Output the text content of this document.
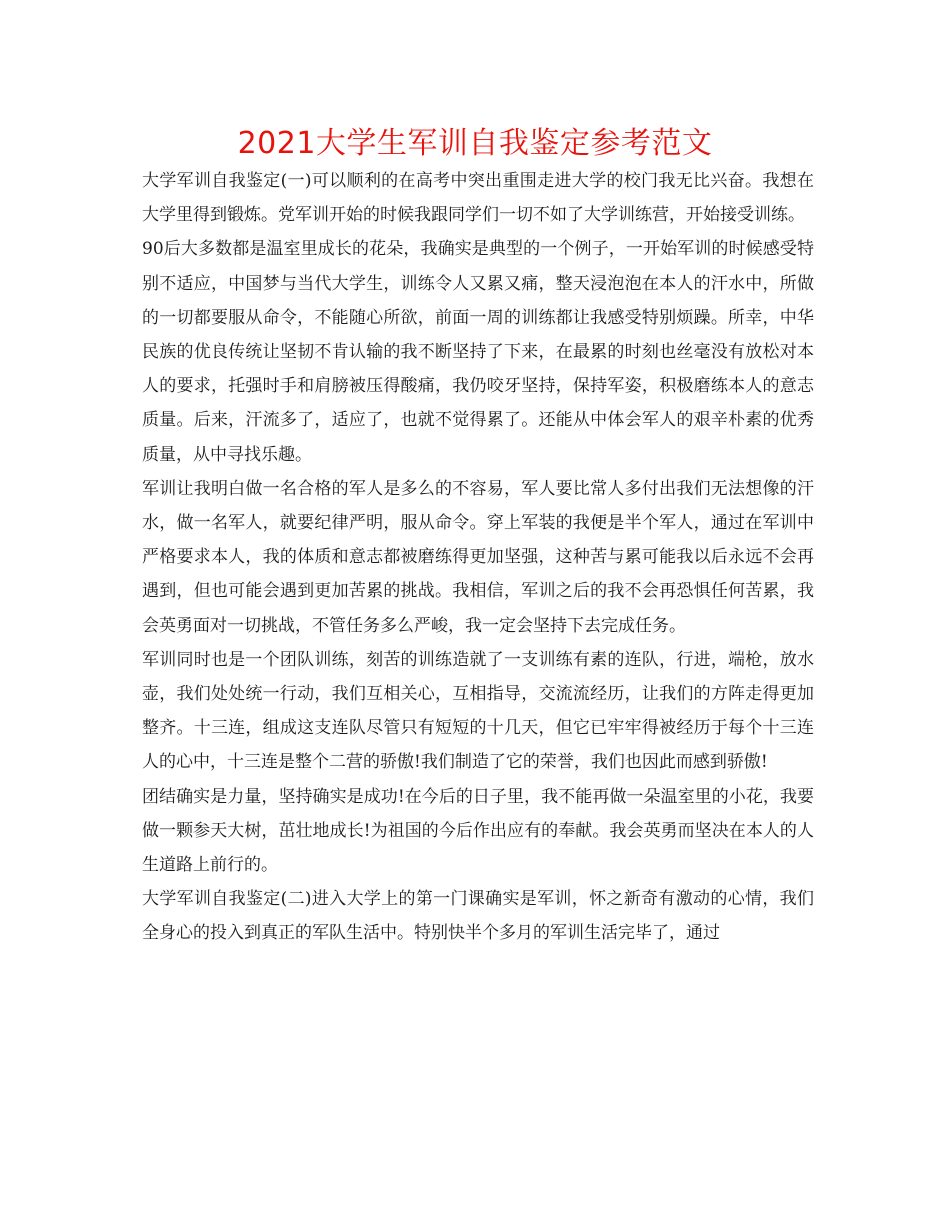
2021大学生军训自我鉴定参考范文

大学军训自我鉴定(一)可以顺利的在高考中突出重围走进大学的校门我无比兴奋。我想在大学里得到锻炼。党军训开始的时候我跟同学们一切不如了大学训练营，开始接受训练。

90后大多数都是温室里成长的花朵，我确实是典型的一个例子，一开始军训的时候感受特别不适应，中国梦与当代大学生，训练令人又累又痛，整天浸泡泡在本人的汗水中，所做的一切都要服从命令，不能随心所欲，前面一周的训练都让我感受特别烦躁。所幸，中华民族的优良传统让坚韧不肯认输的我不断坚持了下来，在最累的时刻也丝毫没有放松对本人的要求，托强时手和肩膀被压得酸痛，我仍咬牙坚持，保持军姿，积极磨练本人的意志质量。后来，汗流多了，适应了，也就不觉得累了。还能从中体会军人的艰辛朴素的优秀质量，从中寻找乐趣。

军训让我明白做一名合格的军人是多么的不容易，军人要比常人多付出我们无法想像的汗水，做一名军人，就要纪律严明，服从命令。穿上军装的我便是半个军人，通过在军训中严格要求本人，我的体质和意志都被磨练得更加坚强，这种苦与累可能我以后永远不会再遇到，但也可能会遇到更加苦累的挑战。我相信，军训之后的我不会再恐惧任何苦累，我会英勇面对一切挑战，不管任务多么严峻，我一定会坚持下去完成任务。

军训同时也是一个团队训练，刻苦的训练造就了一支训练有素的连队，行进，端枪，放水壶，我们处处统一行动，我们互相关心，互相指导，交流流经历，让我们的方阵走得更加整齐。十三连，组成这支连队尽管只有短短的十几天，但它已牢牢得被经历于每个十三连人的心中，十三连是整个二营的骄傲!我们制造了它的荣誉，我们也因此而感到骄傲!

团结确实是力量，坚持确实是成功!在今后的日子里，我不能再做一朵温室里的小花，我要做一颗参天大树，茁壮地成长!为祖国的今后作出应有的奉献。我会英勇而坚决在本人的人生道路上前行的。

大学军训自我鉴定(二)进入大学上的第一门课确实是军训，怀之新奇有激动的心情，我们全身心的投入到真正的军队生活中。特别快半个多月的军训生活完毕了，通过
